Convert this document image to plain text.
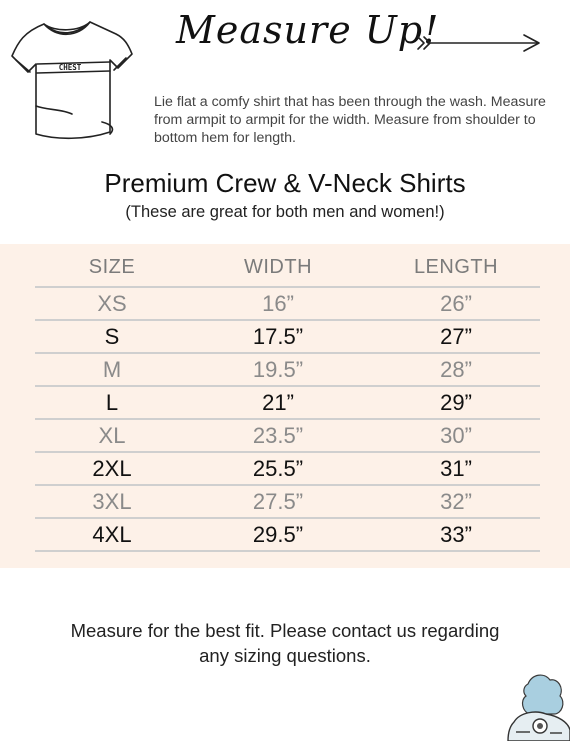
CHEST
Measure Up!

Lie flat a comfy shirt that has been through the wash. Measure from armpit to armpit for the width. Measure from shoulder to bottom hem for length.

Premium Crew & V-Neck Shirts
(These are great for both men and women!)
SIZE	WIDTH	LENGTH
XS	16”	26”
S	17.5”	27”
M	19.5”	28”
L	21”	29”
XL	23.5”	30”
2XL	25.5”	31”
3XL	27.5”	32”
4XL	29.5”	33”
Measure for the best fit. Please contact us regarding
any sizing questions.
